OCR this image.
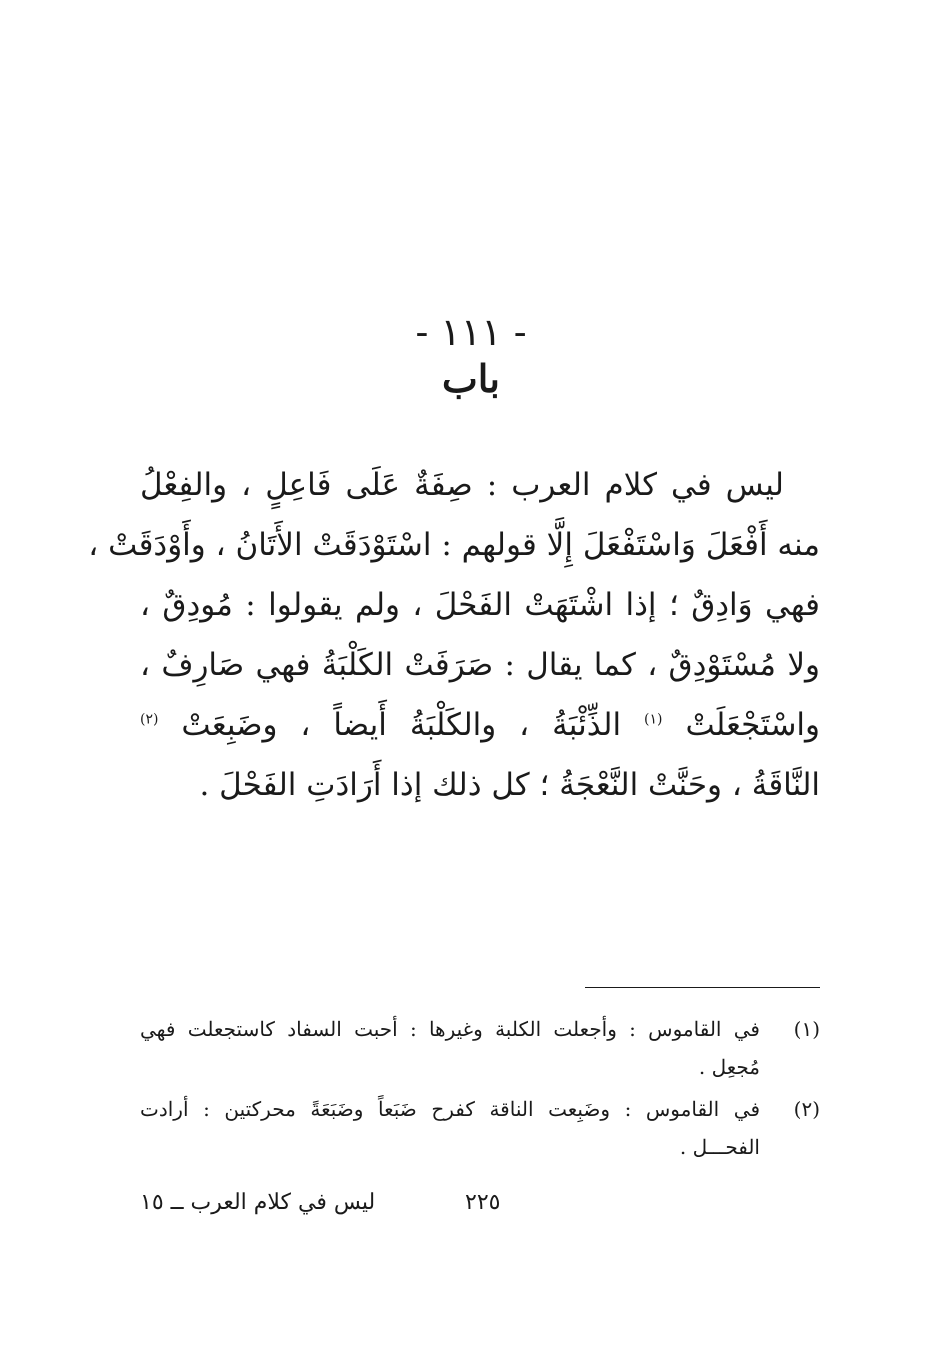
- ١١١ -
باب
ليس في كلام العرب : صِفَةٌ عَلَى فَاعِلٍ ، والفِعْلُ
منه أَفْعَلَ وَاسْتَفْعَلَ إِلَّا قولهم : اسْتَوْدَقَتْ الأَتَانُ ، وأَوْدَقَتْ ،
فهي وَادِقٌ ؛ إذا اشْتَهَتْ الفَحْلَ ، ولم يقولوا : مُودِقٌ ،
ولا مُسْتَوْدِقٌ ، كما يقال : صَرَفَتْ الكَلْبَةُ فهي صَارِفٌ ،
واسْتَجْعَلَتْ $^{(١)}$ الذِّئْبَةُ ، والكَلْبَةُ أَيضاً ، وضَبِعَتْ $^{(٢)}$
النَّاقَةُ ، وحَنَّتْ النَّعْجَةُ ؛ كل ذلك إذا أَرَادَتِ الفَحْلَ .
(١)
في القاموس : وأجعلت الكلبة وغيرها : أحبت السفاد كاستجعلت فهي
مُجعِل .
(٢)
في القاموس : وضَبِعت الناقة كفرح ضَبَعاً وضَبَعَةً محركتين : أرادت
الفحـــل .
٢٢٥
ليس في كلام العرب ــ ١٥
